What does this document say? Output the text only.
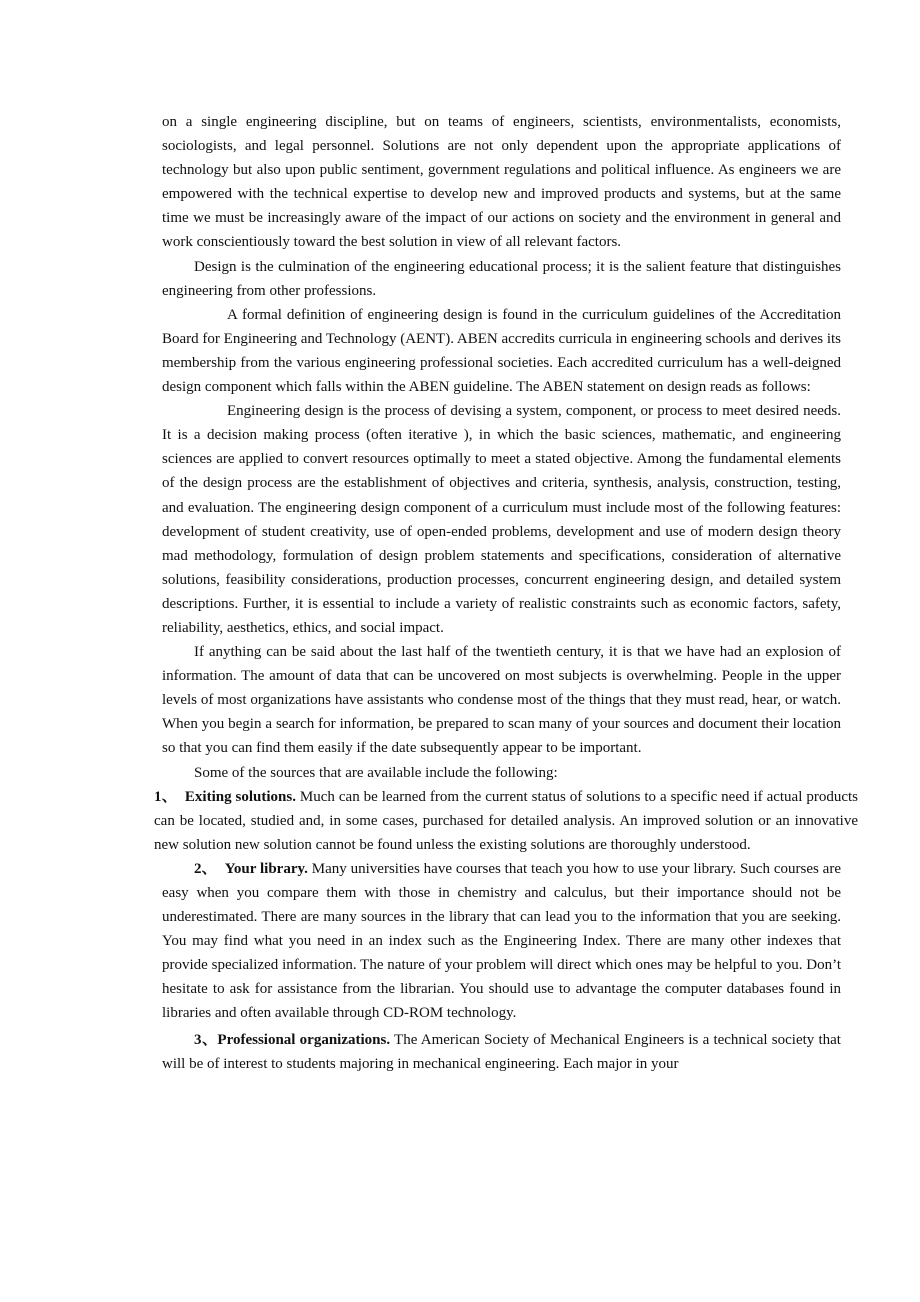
on a single engineering discipline, but on teams of engineers, scientists, environmentalists, economists, sociologists, and legal personnel. Solutions are not only dependent upon the appropriate applications of technology but also upon public sentiment, government regulations and political influence. As engineers we are empowered with the technical expertise to develop new and improved products and systems, but at the same time we must be increasingly aware of the impact of our actions on society and the environment in general and work conscientiously toward the best solution in view of all relevant factors.

Design is the culmination of the engineering educational process; it is the salient feature that distinguishes engineering from other professions.

A formal definition of engineering design is found in the curriculum guidelines of the Accreditation Board for Engineering and Technology (AENT). ABEN accredits curricula in engineering schools and derives its membership from the various engineering professional societies. Each accredited curriculum has a well-deigned design component which falls within the ABEN guideline. The ABEN statement on design reads as follows:

Engineering design is the process of devising a system, component, or process to meet desired needs. It is a decision making process (often iterative ), in which the basic sciences, mathematic, and engineering sciences are applied to convert resources optimally to meet a stated objective. Among the fundamental elements of the design process are the establishment of objectives and criteria, synthesis, analysis, construction, testing, and evaluation. The engineering design component of a curriculum must include most of the following features: development of student creativity, use of open-ended problems, development and use of modern design theory mad methodology, formulation of design problem statements and specifications, consideration of alternative solutions, feasibility considerations, production processes, concurrent engineering design, and detailed system descriptions. Further, it is essential to include a variety of realistic constraints such as economic factors, safety, reliability, aesthetics, ethics, and social impact.

If anything can be said about the last half of the twentieth century, it is that we have had an explosion of information. The amount of data that can be uncovered on most subjects is overwhelming. People in the upper levels of most organizations have assistants who condense most of the things that they must read, hear, or watch. When you begin a search for information, be prepared to scan many of your sources and document their location so that you can find them easily if the date subsequently appear to be important.

Some of the sources that are available include the following:

1、 Exiting solutions. Much can be learned from the current status of solutions to a specific need if actual products can be located, studied and, in some cases, purchased for detailed analysis. An improved solution or an innovative new solution new solution cannot be found unless the existing solutions are thoroughly understood.

2、 Your library. Many universities have courses that teach you how to use your library. Such courses are easy when you compare them with those in chemistry and calculus, but their importance should not be underestimated. There are many sources in the library that can lead you to the information that you are seeking. You may find what you need in an index such as the Engineering Index. There are many other indexes that provide specialized information. The nature of your problem will direct which ones may be helpful to you. Don’t hesitate to ask for assistance from the librarian. You should use to advantage the computer databases found in libraries and often available through CD-ROM technology.

3、Professional organizations. The American Society of Mechanical Engineers is a technical society that will be of interest to students majoring in mechanical engineering. Each major in your
